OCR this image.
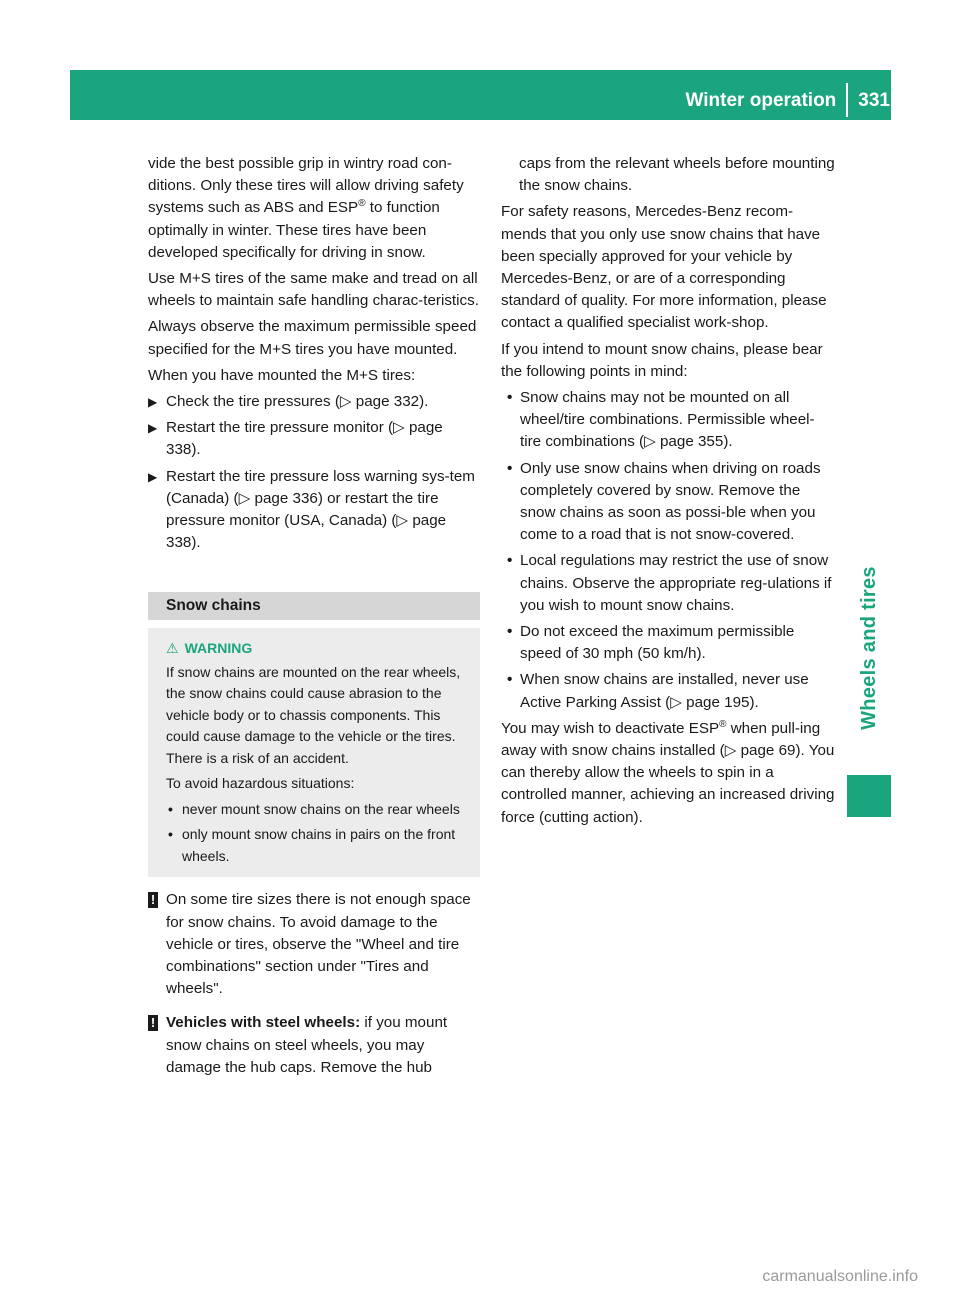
Winter operation 331
Wheels and tires

vide the best possible grip in wintry road con-ditions. Only these tires will allow driving safety systems such as ABS and ESP® to function optimally in winter. These tires have been developed specifically for driving in snow.

Use M+S tires of the same make and tread on all wheels to maintain safe handling charac-teristics.

Always observe the maximum permissible speed specified for the M+S tires you have mounted.

When you have mounted the M+S tires:

▶ Check the tire pressures (▷ page 332).

▶ Restart the tire pressure monitor (▷ page 338).

▶ Restart the tire pressure loss warning sys-tem (Canada) (▷ page 336) or restart the tire pressure monitor (USA, Canada) (▷ page 338).

Snow chains
⚠ WARNING

If snow chains are mounted on the rear wheels, the snow chains could cause abrasion to the vehicle body or to chassis components. This could cause damage to the vehicle or the tires. There is a risk of an accident.

To avoid hazardous situations:

• never mount snow chains on the rear wheels

• only mount snow chains in pairs on the front wheels.

! On some tire sizes there is not enough space for snow chains. To avoid damage to the vehicle or tires, observe the "Wheel and tire combinations" section under "Tires and wheels".
! Vehicles with steel wheels: if you mount snow chains on steel wheels, you may damage the hub caps. Remove the hub

caps from the relevant wheels before mounting the snow chains.

For safety reasons, Mercedes-Benz recom-mends that you only use snow chains that have been specially approved for your vehicle by Mercedes-Benz, or are of a corresponding standard of quality. For more information, please contact a qualified specialist work-shop.

If you intend to mount snow chains, please bear the following points in mind:

• Snow chains may not be mounted on all wheel/tire combinations. Permissible wheel-tire combinations (▷ page 355).

• Only use snow chains when driving on roads completely covered by snow. Remove the snow chains as soon as possi-ble when you come to a road that is not snow-covered.

• Local regulations may restrict the use of snow chains. Observe the appropriate reg-ulations if you wish to mount snow chains.

• Do not exceed the maximum permissible speed of 30 mph (50 km/h).

• When snow chains are installed, never use Active Parking Assist (▷ page 195).

You may wish to deactivate ESP® when pull-ing away with snow chains installed (▷ page 69). You can thereby allow the wheels to spin in a controlled manner, achieving an increased driving force (cutting action).

carmanualsonline.info
